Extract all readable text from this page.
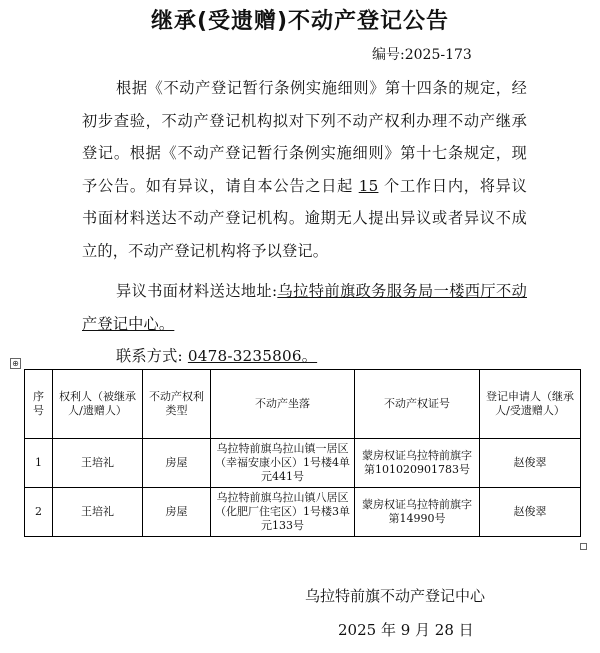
继承(受遗赠)不动产登记公告
编号:2025-173
根据《不动产登记暂行条例实施细则》第十四条的规定，经初步查验，不动产登记机构拟对下列不动产权利办理不动产继承登记。根据《不动产登记暂行条例实施细则》第十七条规定，现予公告。如有异议，请自本公告之日起 15 个工作日内，将异议书面材料送达不动产登记机构。逾期无人提出异议或者异议不成立的，不动产登记机构将予以登记。
异议书面材料送达地址:乌拉特前旗政务服务局一楼西厅不动产登记中心。
联系方式: 0478-3235806。
⊕
序号	权利人（被继承人/遗赠人）	不动产权利类型	不动产坐落	不动产权证号	登记申请人（继承人/受遗赠人）
1	王培礼	房屋	乌拉特前旗乌拉山镇一居区（幸福安康小区）1号楼4单元441号	蒙房权证乌拉特前旗字第101020901783号	赵俊翠
2	王培礼	房屋	乌拉特前旗乌拉山镇八居区（化肥厂住宅区）1号楼3单元133号	蒙房权证乌拉特前旗字第14990号	赵俊翠
乌拉特前旗不动产登记中心
2025 年 9 月 28 日
